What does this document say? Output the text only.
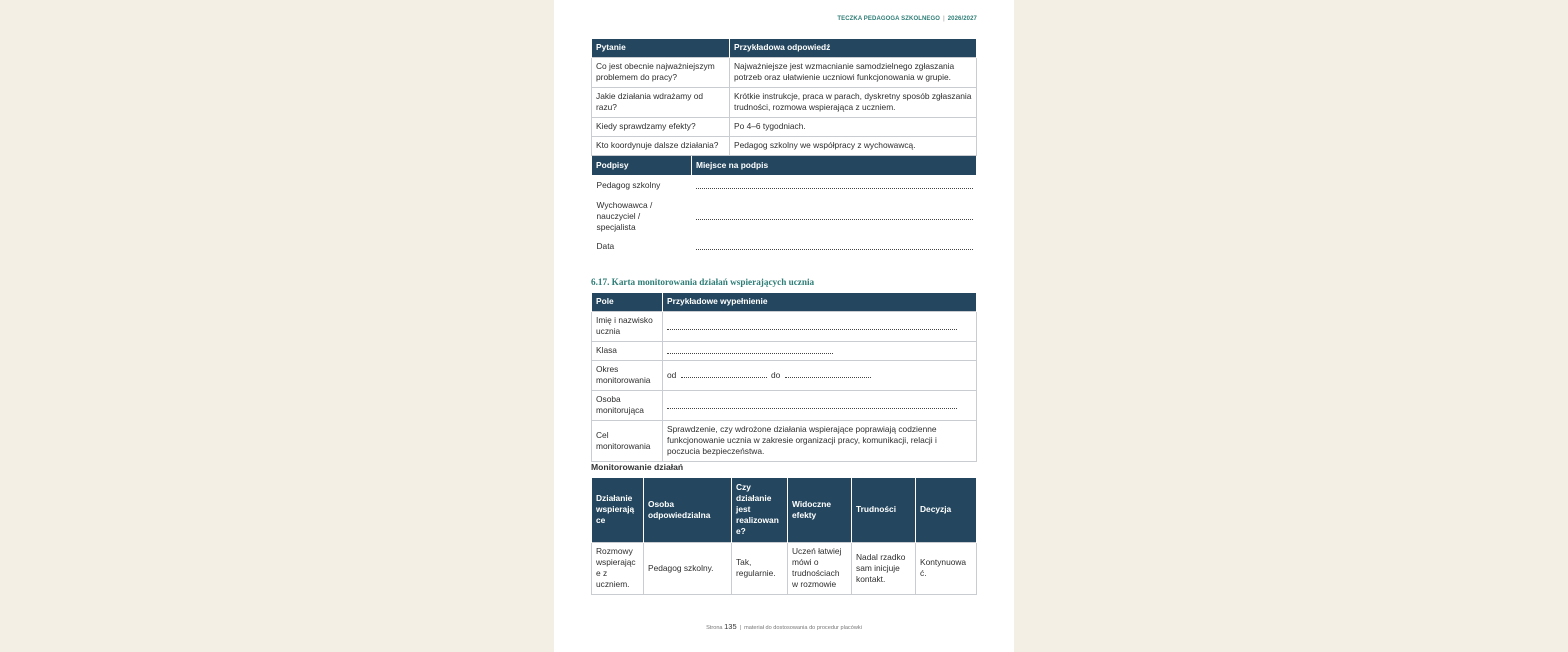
TECZKA PEDAGOGA SZKOLNEGO | 2026/2027
Pytanie	Przykładowa odpowiedź
Co jest obecnie najważniejszym problemem do pracy?	Najważniejsze jest wzmacnianie samodzielnego zgłaszania potrzeb oraz ułatwienie uczniowi funkcjonowania w grupie.
Jakie działania wdrażamy od razu?	Krótkie instrukcje, praca w parach, dyskretny sposób zgłaszania trudności, rozmowa wspierająca z uczniem.
Kiedy sprawdzamy efekty?	Po 4–6 tygodniach.
Kto koordynuje dalsze działania?	Pedagog szkolny we współpracy z wychowawcą.
Podpisy	Miejsce na podpis
Pedagog szkolny	

Wychowawca / nauczyciel / specjalista	

Data	
6.17. Karta monitorowania działań wspierających ucznia
Pole	Przykładowe wypełnienie
Imię i nazwisko ucznia	

Klasa	

Okres monitorowania	od do
Osoba monitorująca	

Cel monitorowania	Sprawdzenie, czy wdrożone działania wspierające poprawiają codzienne funkcjonowanie ucznia w zakresie organizacji pracy, komunikacji, relacji i poczucia bezpieczeństwa.
Monitorowanie działań
Działanie wspierają ce	Osoba odpowiedzialna	Czy działanie jest realizowan e?	Widoczne efekty	Trudności	Decyzja
Rozmowy wspierając e z uczniem.	Pedagog szkolny.	Tak, regularnie.	Uczeń łatwiej mówi o trudnościach w rozmowie	Nadal rzadko sam inicjuje kontakt.	Kontynuowa ć.
Strona 135 | materiał do dostosowania do procedur placówki
